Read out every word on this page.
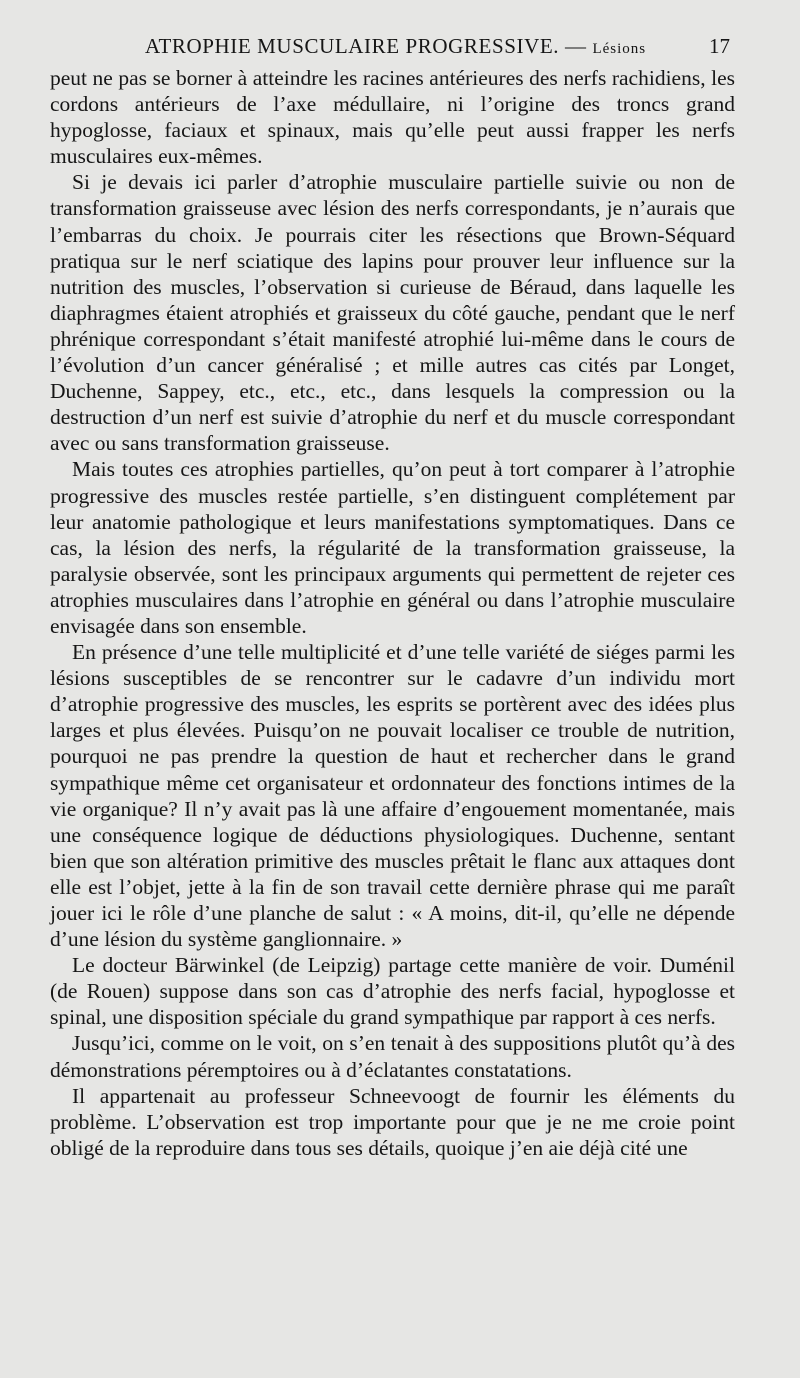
ATROPHIE MUSCULAIRE PROGRESSIVE. — Lésions	17

peut ne pas se borner à atteindre les racines antérieures des nerfs rachidiens, les cordons antérieurs de l’axe médullaire, ni l’origine des troncs grand hypoglosse, faciaux et spinaux, mais qu’elle peut aussi frapper les nerfs musculaires eux-mêmes.

Si je devais ici parler d’atrophie musculaire partielle suivie ou non de transformation graisseuse avec lésion des nerfs correspondants, je n’aurais que l’embarras du choix. Je pourrais citer les résections que Brown-Séquard pratiqua sur le nerf sciatique des lapins pour prouver leur influence sur la nutrition des muscles, l’observation si curieuse de Béraud, dans laquelle les diaphragmes étaient atrophiés et graisseux du côté gauche, pendant que le nerf phrénique correspondant s’était manifesté atrophié lui-même dans le cours de l’évolution d’un cancer généralisé ; et mille autres cas cités par Longet, Duchenne, Sappey, etc., etc., etc., dans lesquels la compression ou la destruction d’un nerf est suivie d’atrophie du nerf et du muscle correspondant avec ou sans transformation graisseuse.

Mais toutes ces atrophies partielles, qu’on peut à tort comparer à l’atrophie progressive des muscles restée partielle, s’en distinguent complétement par leur anatomie pathologique et leurs manifestations symptomatiques. Dans ce cas, la lésion des nerfs, la régularité de la transformation graisseuse, la paralysie observée, sont les principaux arguments qui permettent de rejeter ces atrophies musculaires dans l’atrophie en général ou dans l’atrophie musculaire envisagée dans son ensemble.

En présence d’une telle multiplicité et d’une telle variété de siéges parmi les lésions susceptibles de se rencontrer sur le cadavre d’un individu mort d’atrophie progressive des muscles, les esprits se portèrent avec des idées plus larges et plus élevées. Puisqu’on ne pouvait localiser ce trouble de nutrition, pourquoi ne pas prendre la question de haut et rechercher dans le grand sympathique même cet organisateur et ordonnateur des fonctions intimes de la vie organique? Il n’y avait pas là une affaire d’engouement momentanée, mais une conséquence logique de déductions physiologiques. Duchenne, sentant bien que son altération primitive des muscles prêtait le flanc aux attaques dont elle est l’objet, jette à la fin de son travail cette dernière phrase qui me paraît jouer ici le rôle d’une planche de salut : « A moins, dit-il, qu’elle ne dépende d’une lésion du système ganglionnaire. »

Le docteur Bärwinkel (de Leipzig) partage cette manière de voir. Duménil (de Rouen) suppose dans son cas d’atrophie des nerfs facial, hypoglosse et spinal, une disposition spéciale du grand sympathique par rapport à ces nerfs.

Jusqu’ici, comme on le voit, on s’en tenait à des suppositions plutôt qu’à des démonstrations péremptoires ou à d’éclatantes constatations.

Il appartenait au professeur Schneevoogt de fournir les éléments du problème. L’observation est trop importante pour que je ne me croie point obligé de la reproduire dans tous ses détails, quoique j’en aie déjà cité une
